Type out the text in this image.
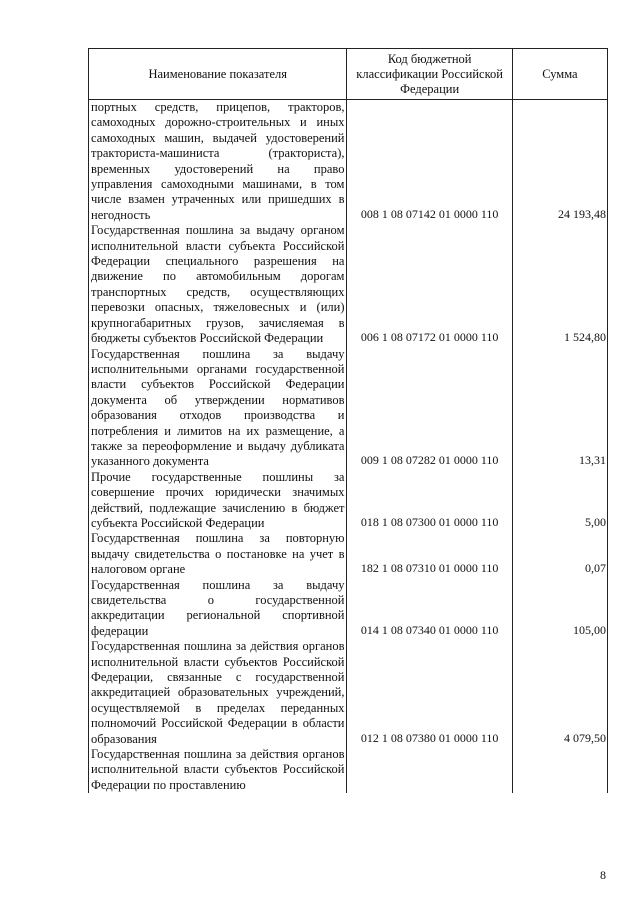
Наименование показателя	Код бюджетной классификации Российской Федерации	Сумма
портных средств, прицепов, тракторов, самоходных дорожно-строительных и иных самоходных машин, выдачей удостоверений тракториста-машиниста (тракториста), временных удостоверений на право управления самоходными машинами, в том числе взамен утраченных или пришедших в негодность	008 1 08 07142 01 0000 110	24 193,48
Государственная пошлина за выдачу органом исполнительной власти субъекта Российской Федерации специального разрешения на движение по автомобильным дорогам транспортных средств, осуществляющих перевозки опасных, тяжеловесных и (или) крупногабаритных грузов, зачисляемая в бюджеты субъектов Российской Федерации	006 1 08 07172 01 0000 110	1 524,80
Государственная пошлина за выдачу исполнительными органами государственной власти субъектов Российской Федерации документа об утверждении нормативов образования отходов производства и потребления и лимитов на их размещение, а также за переоформление и выдачу дубликата указанного документа	009 1 08 07282 01 0000 110	13,31
Прочие государственные пошлины за совершение прочих юридически значимых действий, подлежащие зачислению в бюджет субъекта Российской Федерации	018 1 08 07300 01 0000 110	5,00
Государственная пошлина за повторную выдачу свидетельства о постановке на учет в налоговом органе	182 1 08 07310 01 0000 110	0,07
Государственная пошлина за выдачу свидетельства о государственной аккредитации региональной спортивной федерации	014 1 08 07340 01 0000 110	105,00
Государственная пошлина за действия органов исполнительной власти субъектов Российской Федерации, связанные с государственной аккредитацией образовательных учреждений, осуществляемой в пределах переданных полномочий Российской Федерации в области образования	012 1 08 07380 01 0000 110	4 079,50
Государственная пошлина за действия органов исполнительной власти субъектов Российской Федерации по проставлению		
8
